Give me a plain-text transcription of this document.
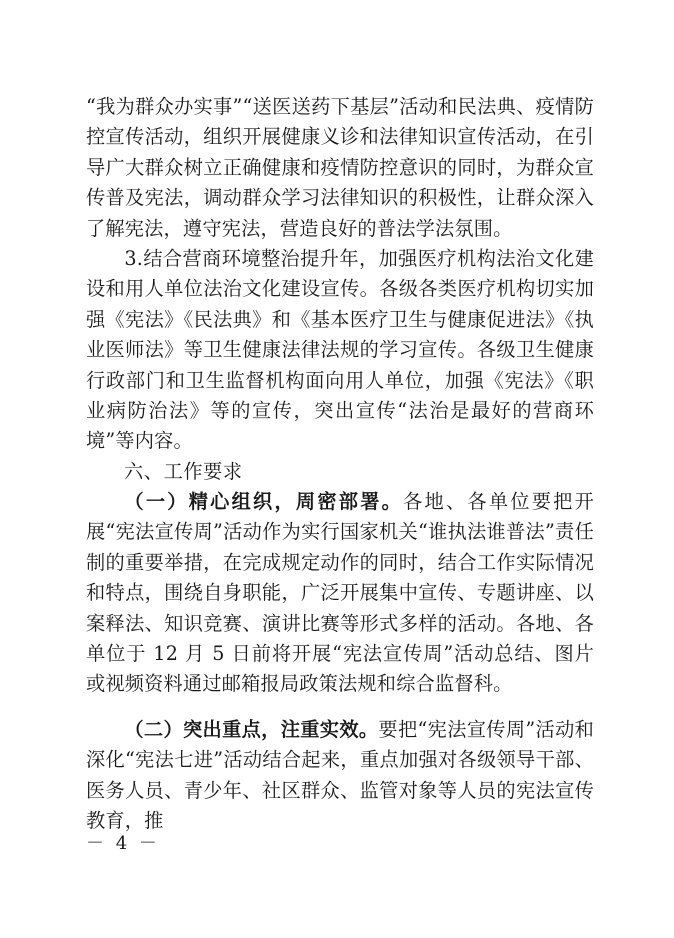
“我为群众办实事”“送医送药下基层”活动和民法典、疫情防控宣传活动，组织开展健康义诊和法律知识宣传活动，在引导广大群众树立正确健康和疫情防控意识的同时，为群众宣传普及宪法，调动群众学习法律知识的积极性，让群众深入了解宪法，遵守宪法，营造良好的普法学法氛围。

3.结合营商环境整治提升年，加强医疗机构法治文化建设和用人单位法治文化建设宣传。各级各类医疗机构切实加强《宪法》《民法典》和《基本医疗卫生与健康促进法》《执业医师法》等卫生健康法律法规的学习宣传。各级卫生健康行政部门和卫生监督机构面向用人单位，加强《宪法》《职业病防治法》等的宣传，突出宣传“法治是最好的营商环境”等内容。

六、工作要求

（一）精心组织，周密部署。各地、各单位要把开展“宪法宣传周”活动作为实行国家机关“谁执法谁普法”责任制的重要举措，在完成规定动作的同时，结合工作实际情况和特点，围绕自身职能，广泛开展集中宣传、专题讲座、以案释法、知识竞赛、演讲比赛等形式多样的活动。各地、各单位于 12 月 5 日前将开展“宪法宣传周”活动总结、图片或视频资料通过邮箱报局政策法规和综合监督科。

（二）突出重点，注重实效。要把“宪法宣传周”活动和深化“宪法七进”活动结合起来，重点加强对各级领导干部、医务人员、青少年、社区群众、监管对象等人员的宪法宣传教育，推

－ 4 －
